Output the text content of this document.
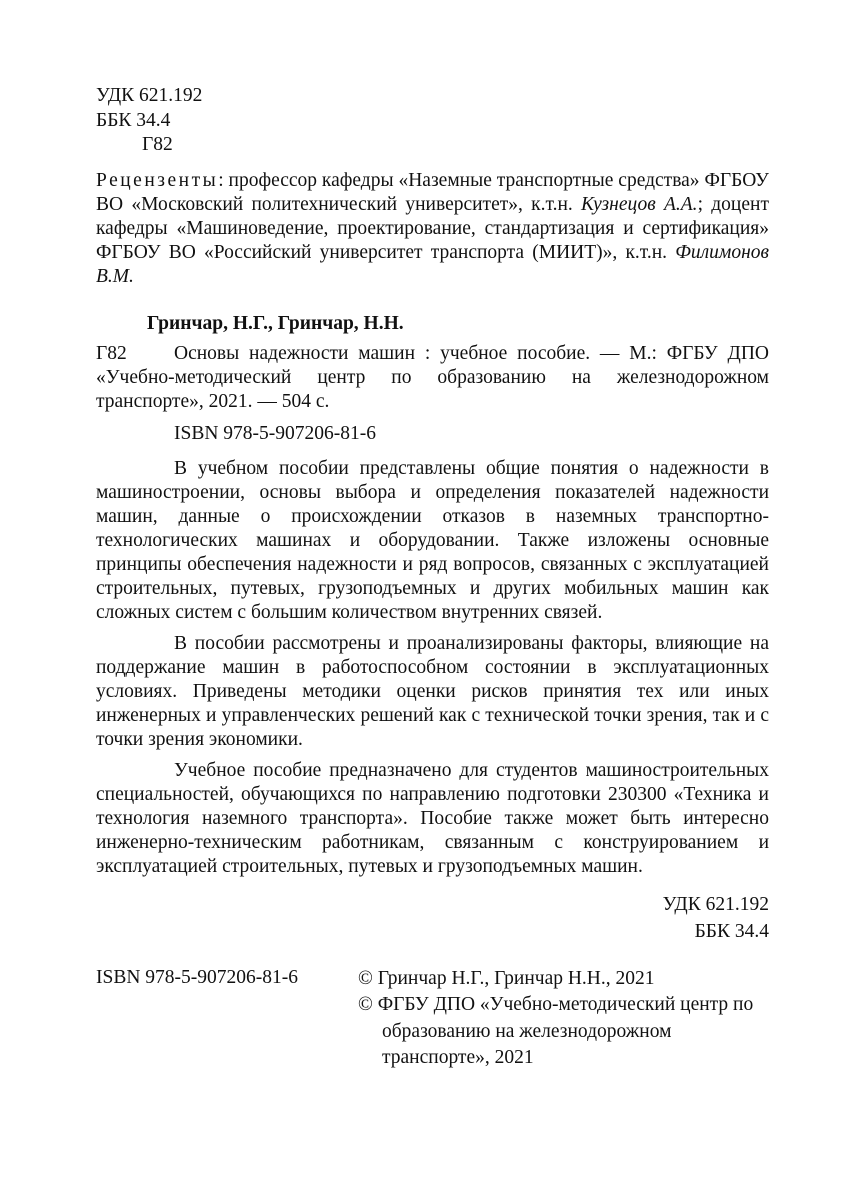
УДК 621.192
ББК 34.4
Г82
Рецензенты: профессор кафедры «Наземные транспортные средства» ФГБОУ ВО «Московский политехнический университет», к.т.н. Кузнецов А.А.; доцент кафедры «Машиноведение, проектирование, стандартизация и сертификация» ФГБОУ ВО «Российский университет транспорта (МИИТ)», к.т.н. Филимонов В.М.
Гринчар, Н.Г., Гринчар, Н.Н.
Г82	Основы надежности машин : учебное пособие. — М.: ФГБУ ДПО «Учебно-методический центр по образованию на железнодорожном транспорте», 2021. — 504 с.
ISBN 978-5-907206-81-6

В учебном пособии представлены общие понятия о надежности в машиностроении, основы выбора и определения показателей надежности машин, данные о происхождении отказов в наземных транспортно-технологических машинах и оборудовании. Также изложены основные принципы обеспечения надежности и ряд вопросов, связанных с эксплуатацией строительных, путевых, грузоподъемных и других мобильных машин как сложных систем с большим количеством внутренних связей.

В пособии рассмотрены и проанализированы факторы, влияющие на поддержание машин в работоспособном состоянии в эксплуатационных условиях. Приведены методики оценки рисков принятия тех или иных инженерных и управленческих решений как с технической точки зрения, так и с точки зрения экономики.

Учебное пособие предназначено для студентов машиностроительных специальностей, обучающихся по направлению подготовки 230300 «Техника и технология наземного транспорта». Пособие также может быть интересно инженерно-техническим работникам, связанным с конструированием и эксплуатацией строительных, путевых и грузоподъемных машин.

УДК 621.192
ББК 34.4
ISBN 978-5-907206-81-6	© Гринчар Н.Г., Гринчар Н.Н., 2021
© ФГБУ ДПО «Учебно-методический центр по образованию на железнодорожном транспорте», 2021
